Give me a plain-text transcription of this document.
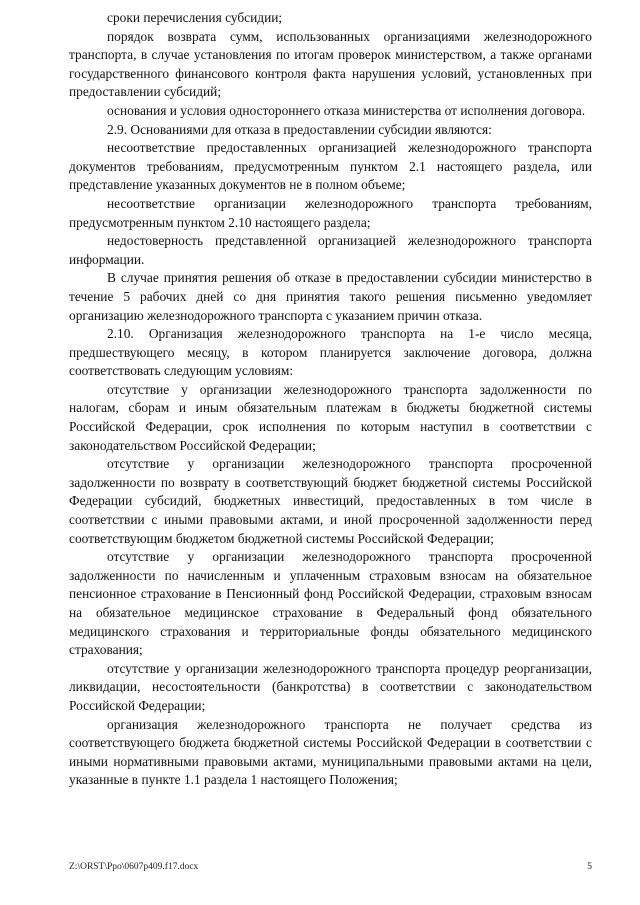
сроки перечисления субсидии;

порядок возврата сумм, использованных организациями железнодорожного транспорта, в случае установления по итогам проверок министерством, а также органами государственного финансового контроля факта нарушения условий, установленных при предоставлении субсидий;

основания и условия одностороннего отказа министерства от исполнения договора.

2.9. Основаниями для отказа в предоставлении субсидии являются:

несоответствие предоставленных организацией железнодорожного транспорта документов требованиям, предусмотренным пунктом 2.1 настоящего раздела, или представление указанных документов не в полном объеме;

несоответствие организации железнодорожного транспорта требованиям, предусмотренным пунктом 2.10 настоящего раздела;

недостоверность представленной организацией железнодорожного транспорта информации.

В случае принятия решения об отказе в предоставлении субсидии министерство в течение 5 рабочих дней со дня принятия такого решения письменно уведомляет организацию железнодорожного транспорта с указанием причин отказа.

2.10. Организация железнодорожного транспорта на 1-е число месяца, предшествующего месяцу, в котором планируется заключение договора, должна соответствовать следующим условиям:

отсутствие у организации железнодорожного транспорта задолженности по налогам, сборам и иным обязательным платежам в бюджеты бюджетной системы Российской Федерации, срок исполнения по которым наступил в соответствии с законодательством Российской Федерации;

отсутствие у организации железнодорожного транспорта просроченной задолженности по возврату в соответствующий бюджет бюджетной системы Российской Федерации субсидий, бюджетных инвестиций, предоставленных в том числе в соответствии с иными правовыми актами, и иной просроченной задолженности перед соответствующим бюджетом бюджетной системы Российской Федерации;

отсутствие у организации железнодорожного транспорта просроченной задолженности по начисленным и уплаченным страховым взносам на обязательное пенсионное страхование в Пенсионный фонд Российской Федерации, страховым взносам на обязательное медицинское страхование в Федеральный фонд обязательного медицинского страхования и территориальные фонды обязательного медицинского страхования;

отсутствие у организации железнодорожного транспорта процедур реорганизации, ликвидации, несостоятельности (банкротства) в соответствии с законодательством Российской Федерации;

организация железнодорожного транспорта не получает средства из соответствующего бюджета бюджетной системы Российской Федерации в соответствии с иными нормативными правовыми актами, муниципальными правовыми актами на цели, указанные в пункте 1.1 раздела 1 настоящего Положения;

Z:\ORST\Ppo\0607p409.f17.docx	5
